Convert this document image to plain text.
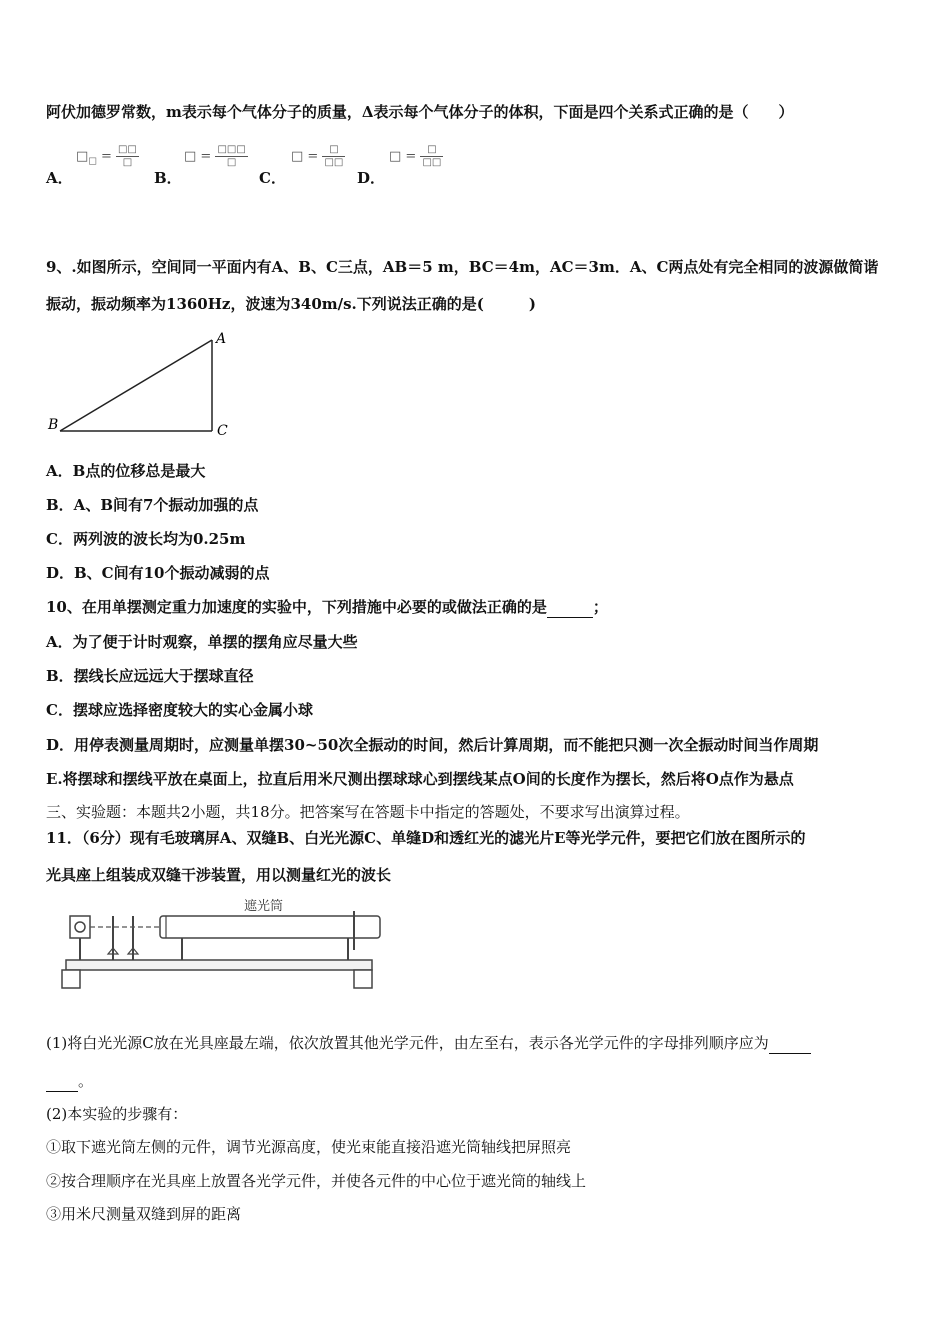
阿伏加德罗常数，m表示每个气体分子的质量，Δ表示每个气体分子的体积，下面是四个关系式正确的是（　　）
A．
$□_□ = \frac{□□}{□}$
B．
□ = $\frac{□□□}{□}$
C．
□ = $\frac{□}{□□}$
D．
□ = $\frac{□}{□□}$
9、.如图所示，空间同一平面内有A、B、C三点，AB＝5 m，BC＝4m，AC＝3m．A、C两点处有完全相同的波源做简谐
振动，振动频率为1360Hz，波速为340m/s.下列说法正确的是(　　　)
A
B	C
A．B点的位移总是最大
B．A、B间有7个振动加强的点
C．两列波的波长均为0.25m
D．B、C间有10个振动减弱的点
10、在用单摆测定重力加速度的实验中，下列措施中必要的或做法正确的是	；
A．为了便于计时观察，单摆的摆角应尽量大些
B．摆线长应远远大于摆球直径
C．摆球应选择密度较大的实心金属小球
D．用停表测量周期时，应测量单摆30~50次全振动的时间，然后计算周期，而不能把只测一次全振动时间当作周期
E.将摆球和摆线平放在桌面上，拉直后用米尺测出摆球球心到摆线某点O间的长度作为摆长，然后将O点作为悬点
三、实验题：本题共2小题，共18分。把答案写在答题卡中指定的答题处，不要求写出演算过程。
11．（6分）现有毛玻璃屏A、双缝B、白光光源C、单缝D和透红光的滤光片E等光学元件，要把它们放在图所示的
光具座上组装成双缝干涉装置，用以测量红光的波长
遮光筒
(1)将白光光源C放在光具座最左端，依次放置其他光学元件，由左至右，表示各光学元件的字母排列顺序应为
。
(2)本实验的步骤有：
①取下遮光筒左侧的元件，调节光源高度，使光束能直接沿遮光筒轴线把屏照亮
②按合理顺序在光具座上放置各光学元件，并使各元件的中心位于遮光筒的轴线上
③用米尺测量双缝到屏的距离
